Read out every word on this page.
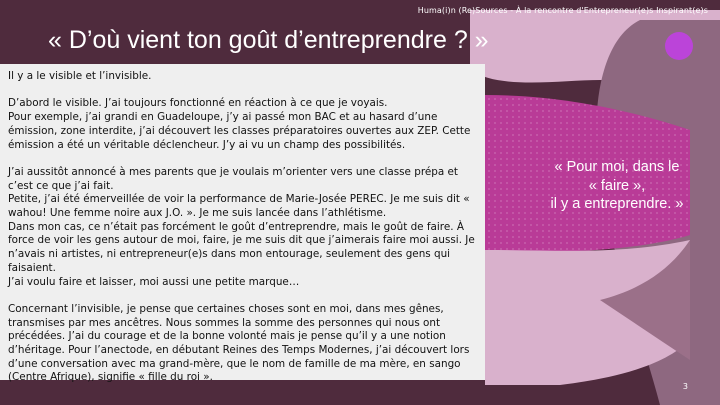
Huma(i)n (Re)Sources - À la rencontre d'Entrepreneur(e)s Inspirant(e)s
« D’où vient ton goût d’entreprendre ? »

Il y a le visible et l’invisible.

D’abord le visible. J’ai toujours fonctionné en réaction à ce que je voyais.
Pour exemple, j’ai grandi en Guadeloupe, j’y ai passé mon BAC et au hasard d’une émission, zone interdite, j’ai découvert les classes préparatoires ouvertes aux ZEP. Cette émission a été un véritable déclencheur. J’y ai vu un champ des possibilités.

J’ai aussitôt annoncé à mes parents que je voulais m’orienter vers une classe prépa et c’est ce que j’ai fait.
Petite, j’ai été émerveillée de voir la performance de Marie-Josée PEREC. Je me suis dit « wahou! Une femme noire aux J.O. ». Je me suis lancée dans l’athlétisme.
Dans mon cas, ce n’était pas forcément le goût d’entreprendre, mais le goût de faire. À force de voir les gens autour de moi, faire, je me suis dit que j’aimerais faire moi aussi. Je n’avais ni artistes, ni entrepreneur(e)s dans mon entourage, seulement des gens qui faisaient.
J’ai voulu faire et laisser, moi aussi une petite marque…

Concernant l’invisible, je pense que certaines choses sont en moi, dans mes gênes, transmises par mes ancêtres. Nous sommes la somme des personnes qui nous ont précédées. J’ai du courage et de la bonne volonté mais je pense qu’il y a une notion d’héritage. Pour l’anectode, en débutant Reines des Temps Modernes, j’ai découvert lors d’une conversation avec ma grand-mère, que le nom de famille de ma mère, en sango (Centre Afrique), signifie « fille du roi ».

« Pour moi, dans le
« faire »,
il y a entreprendre. »
3
